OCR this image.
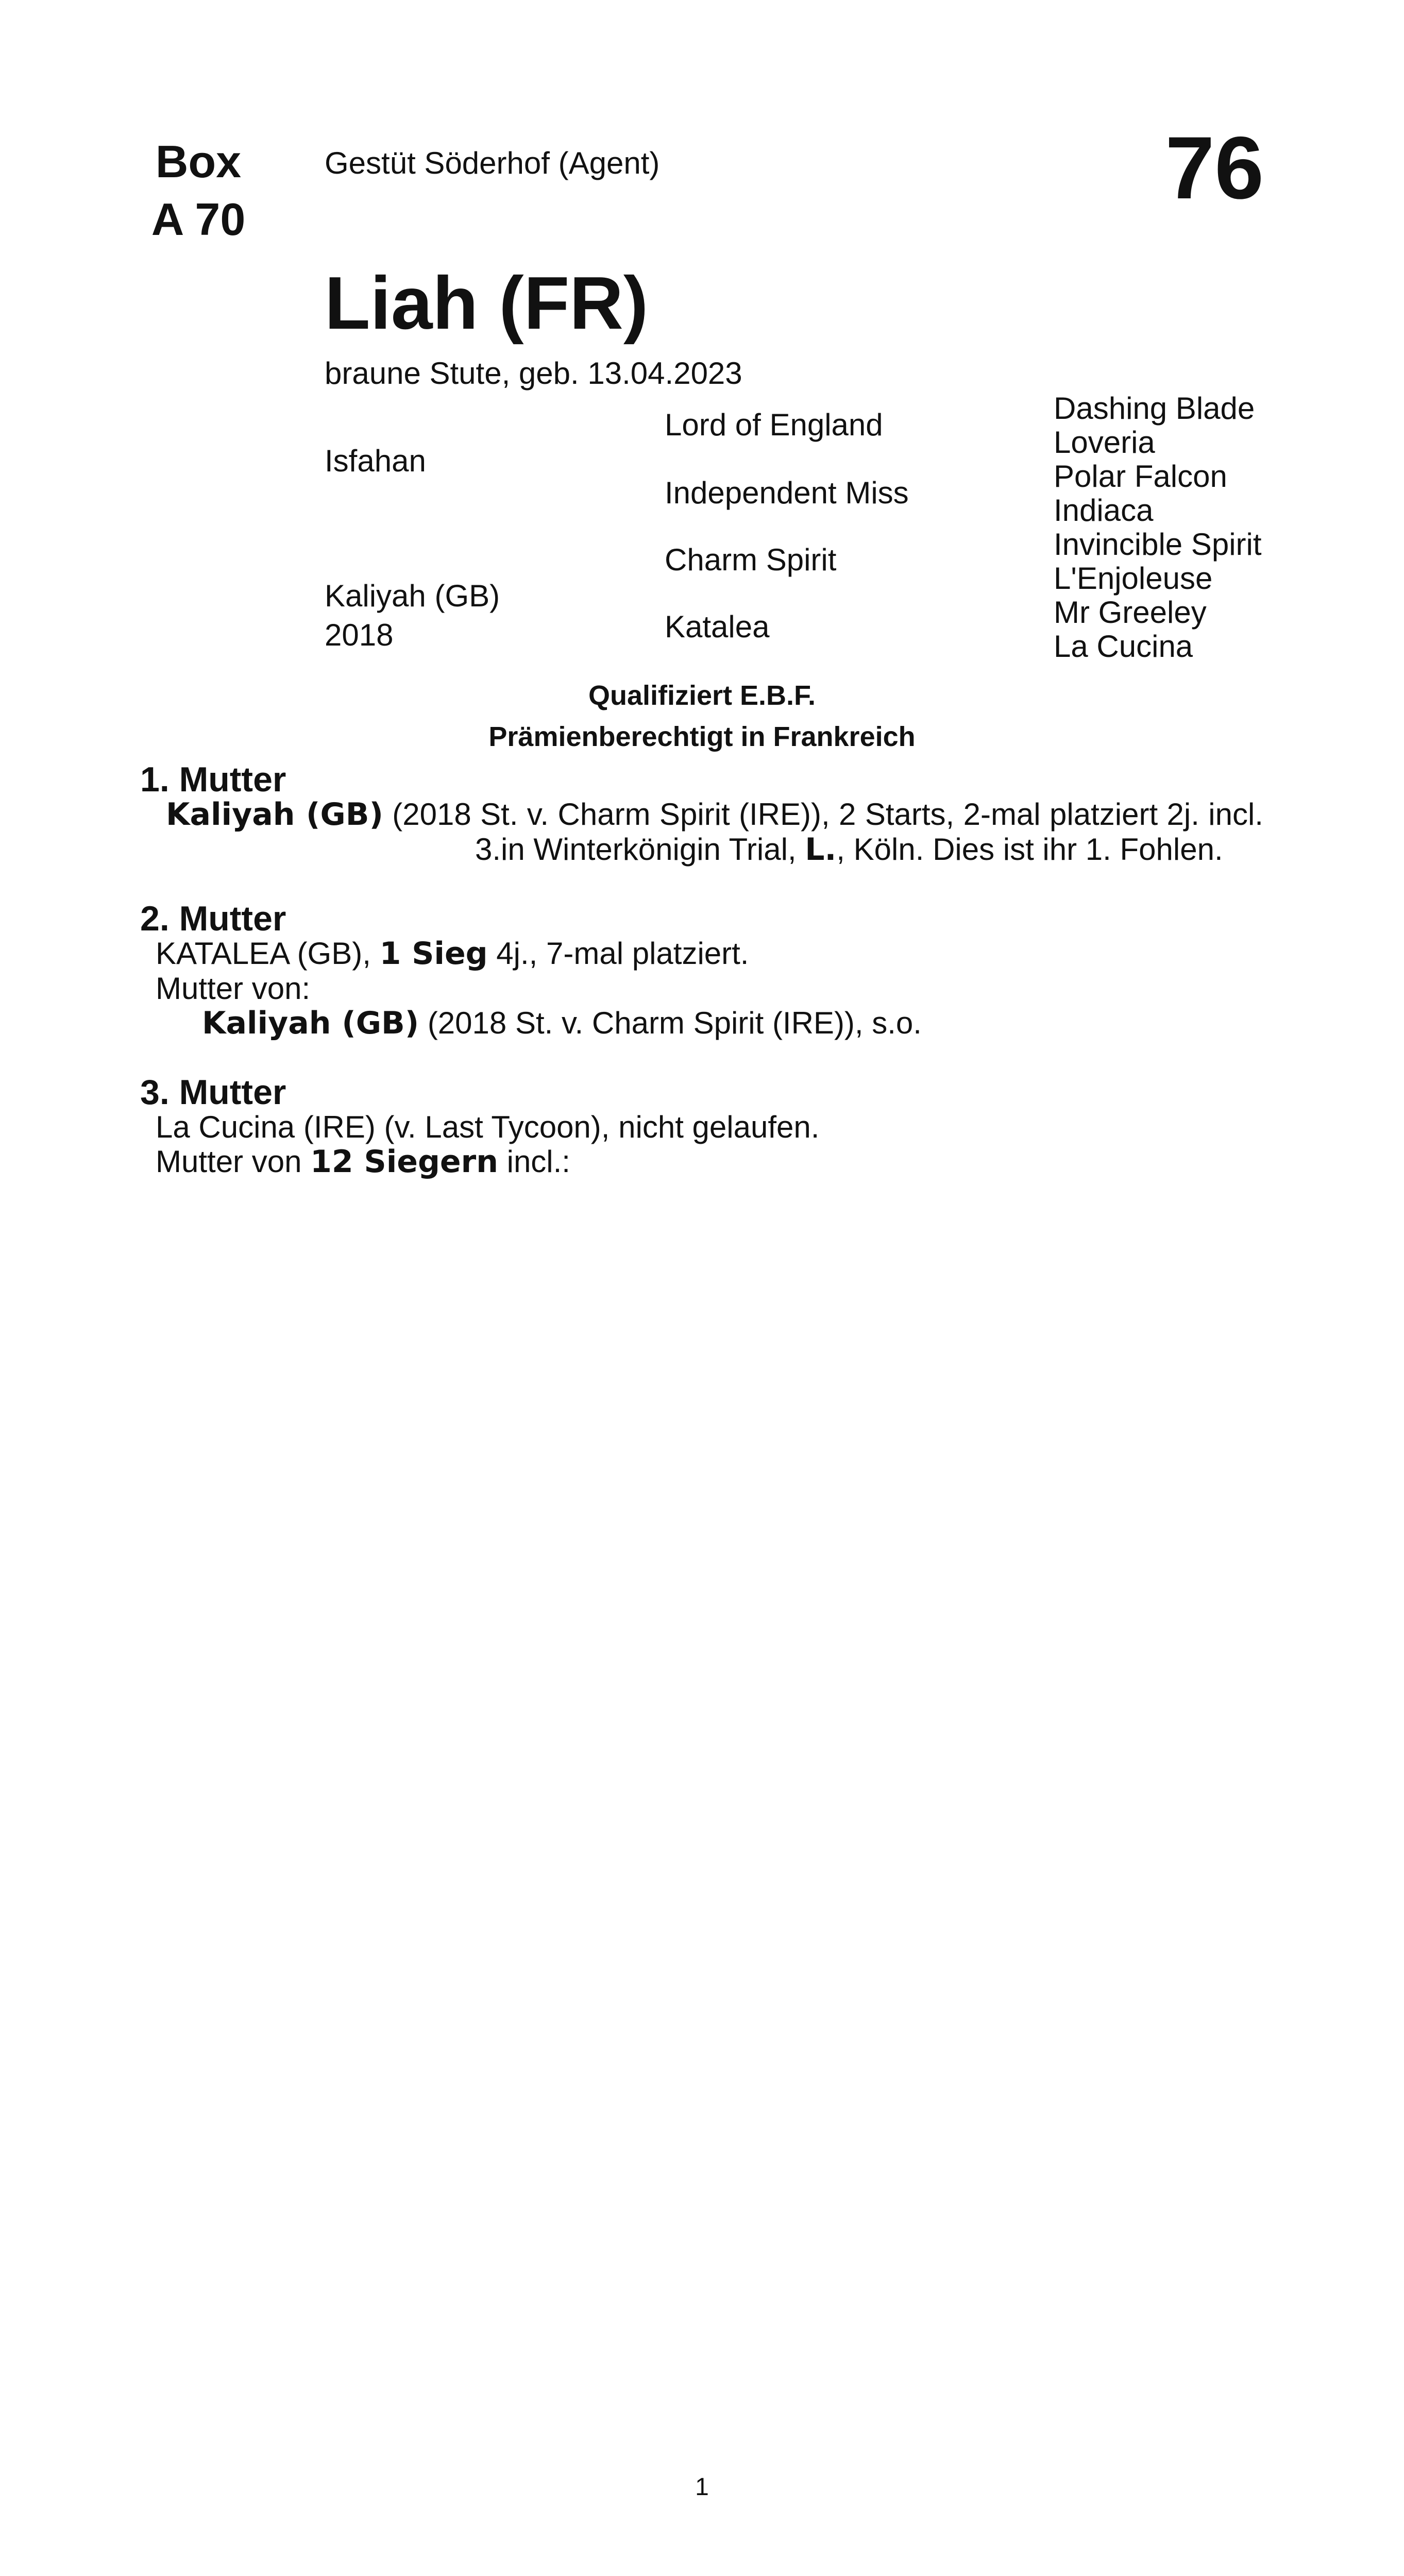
Box
A 70
Gestüt Söderhof (Agent)	76
Liah (FR)
braune Stute, geb. 13.04.2023
Isfahan
Kaliyah (GB)
2018
Lord of England
Independent Miss
Charm Spirit
Katalea
Dashing Blade
Loveria
Polar Falcon
Indiaca
Invincible Spirit
L'Enjoleuse
Mr Greeley
La Cucina
Qualifiziert E.B.F.
Prämienberechtigt in Frankreich
1. Mutter
Kaliyah (GB) (2018 St. v. Charm Spirit (IRE)), 2 Starts, 2-mal platziert 2j. incl. 3.in Winterkönigin Trial, L., Köln. Dies ist ihr 1. Fohlen.
2. Mutter
KATALEA (GB), 1 Sieg 4j., 7-mal platziert.
Mutter von:
Kaliyah (GB) (2018 St. v. Charm Spirit (IRE)), s.o.
3. Mutter
La Cucina (IRE) (v. Last Tycoon), nicht gelaufen.
Mutter von 12 Siegern incl.:
1
